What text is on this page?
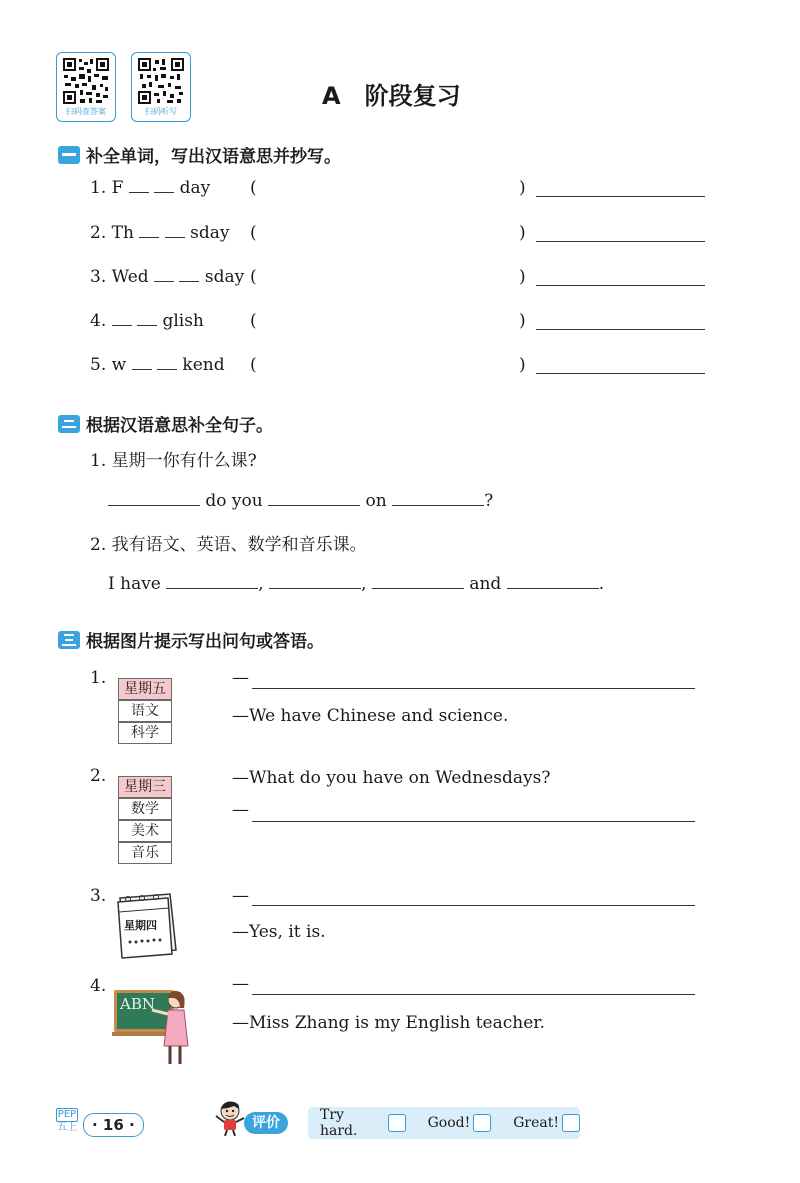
扫码查答案	扫码听写
A　阶段复习
补全单词，写出汉语意思并抄写。
1. F	day (	)
2. Th	sday (	)
3. Wed	sday (	)
4.	glish	(	)
5. w	kend (	)
根据汉语意思补全句子。
1. 星期一你有什么课?
do you	on	?
2. 我有语文、英语、数学和音乐课。
I have	,	,	and	.
根据图片提示写出问句或答语。
1.
星期五
语文
科学
—
—We have Chinese and science.
2.
星期三
数学
美术
音乐
—What do you have on Wednesdays?
—
3.
星期四
—
—Yes, it is.
4.
ABN
—
—Miss Zhang is my English teacher.
PEP
五上	· 16 ·	评价	Try hard.	Good!	Great!
